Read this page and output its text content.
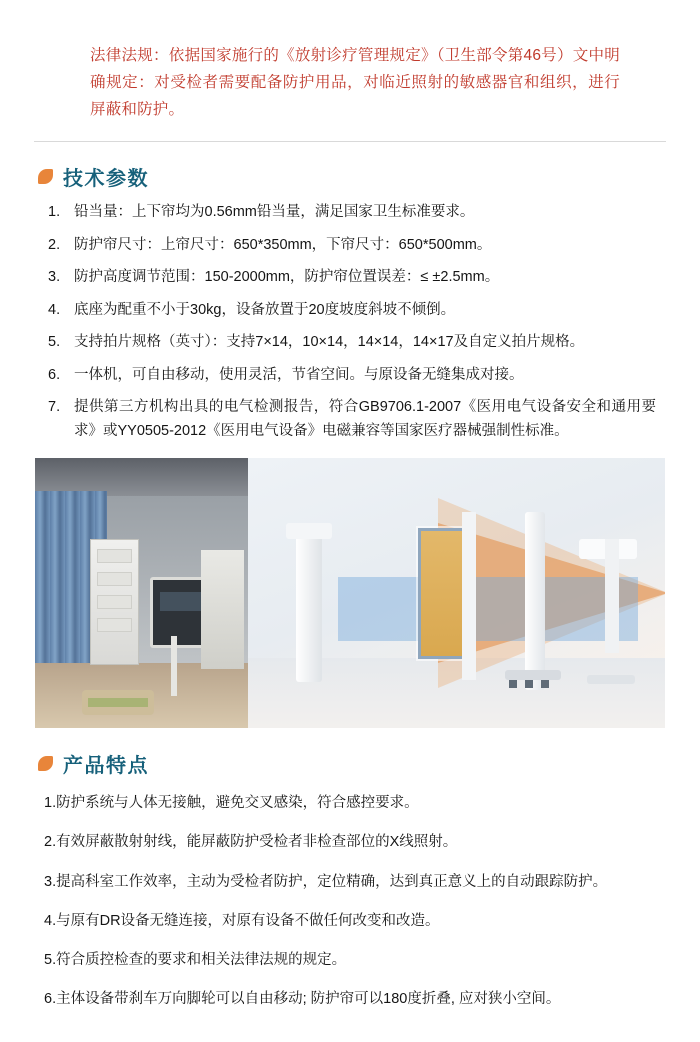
法律法规：依据国家施行的《放射诊疗管理规定》（卫生部令第46号）文中明确规定：对受检者需要配备防护用品，对临近照射的敏感器官和组织，进行屏蔽和防护。
技术参数
1. 铅当量：上下帘均为0.56mm铅当量，满足国家卫生标准要求。
2. 防护帘尺寸：上帘尺寸：650*350mm，下帘尺寸：650*500mm。
3. 防护高度调节范围：150-2000mm，防护帘位置误差：≤ ±2.5mm。
4. 底座为配重不小于30kg，设备放置于20度坡度斜坡不倾倒。
5. 支持拍片规格（英寸）：支持7×14，10×14，14×14，14×17及自定义拍片规格。
6. 一体机，可自由移动，使用灵活，节省空间。与原设备无缝集成对接。
7. 提供第三方机构出具的电气检测报告，符合GB9706.1-2007《医用电气设备安全和通用要求》或YY0505-2012《医用电气设备》电磁兼容等国家医疗器械强制性标准。
产品特点
1.防护系统与人体无接触，避免交叉感染，符合感控要求。
2.有效屏蔽散射射线，能屏蔽防护受检者非检查部位的X线照射。
3.提高科室工作效率，主动为受检者防护，定位精确，达到真正意义上的自动跟踪防护。
4.与原有DR设备无缝连接，对原有设备不做任何改变和改造。
5.符合质控检查的要求和相关法律法规的规定。
6.主体设备带刹车万向脚轮可以自由移动; 防护帘可以180度折叠, 应对狭小空间。
